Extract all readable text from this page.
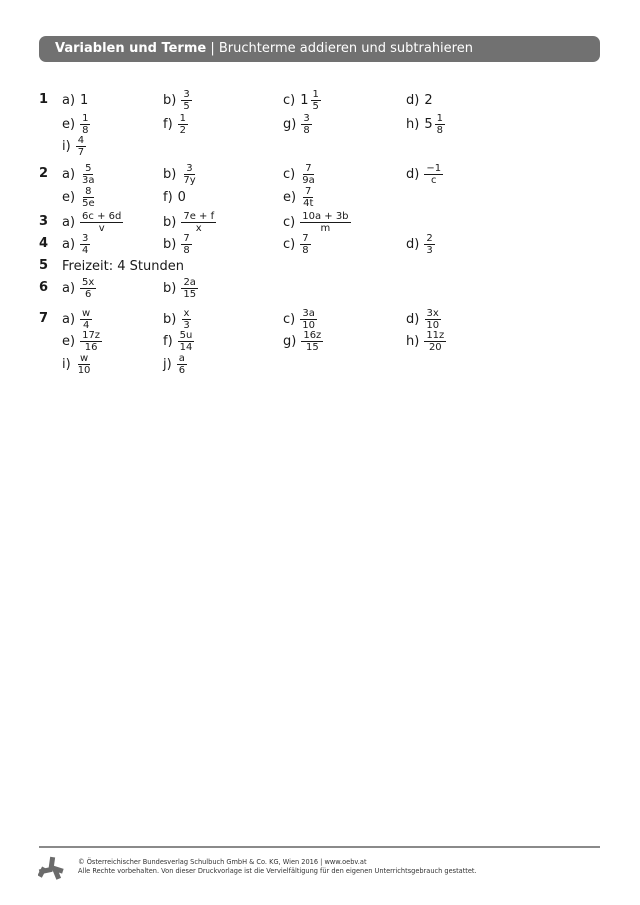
Variablen und Terme | Bruchterme addieren und subtrahieren
1 a) 1	$b) \frac{3}{5}$	c) $1 \frac{1}{5}$	d) 2
$e) \frac{1}{8}$	$f) \frac{1}{2}$	$g) \frac{3}{8}$	h) $5 \frac{1}{8}$
$i) \frac{4}{7}$
2 $a) \frac{5}{3a}$	$b) \frac{3}{7y}$	$c) \frac{7}{9a}$	$d) \frac{-1}{c}$
$e) \frac{8}{5e}$	f) 0	$e) \frac{7}{4t}$
3 $a) \frac{6c + 6d}{v}$	$b) \frac{7e + f}{x}$	$c) \frac{10a + 3b}{m}$
4 $a) \frac{3}{4}$	$b) \frac{7}{8}$	$c) \frac{7}{8}$	$d) \frac{2}{3}$
5 Freizeit: 4 Stunden
6 $a) \frac{5x}{6}$	$b) \frac{2a}{15}$
7 $a) \frac{w}{4}$	$b) \frac{x}{3}$	$c) \frac{3a}{10}$	$d) \frac{3x}{10}$
$e) \frac{17z}{16}$	$f) \frac{5u}{14}$	$g) \frac{16z}{15}$	$h) \frac{11z}{20}$
$i) \frac{w}{10}$	$j) \frac{a}{6}$
© Österreichischer Bundesverlag Schulbuch GmbH & Co. KG, Wien 2016 | www.oebv.at
Alle Rechte vorbehalten. Von dieser Druckvorlage ist die Vervielfältigung für den eigenen Unterrichtsgebrauch gestattet.
